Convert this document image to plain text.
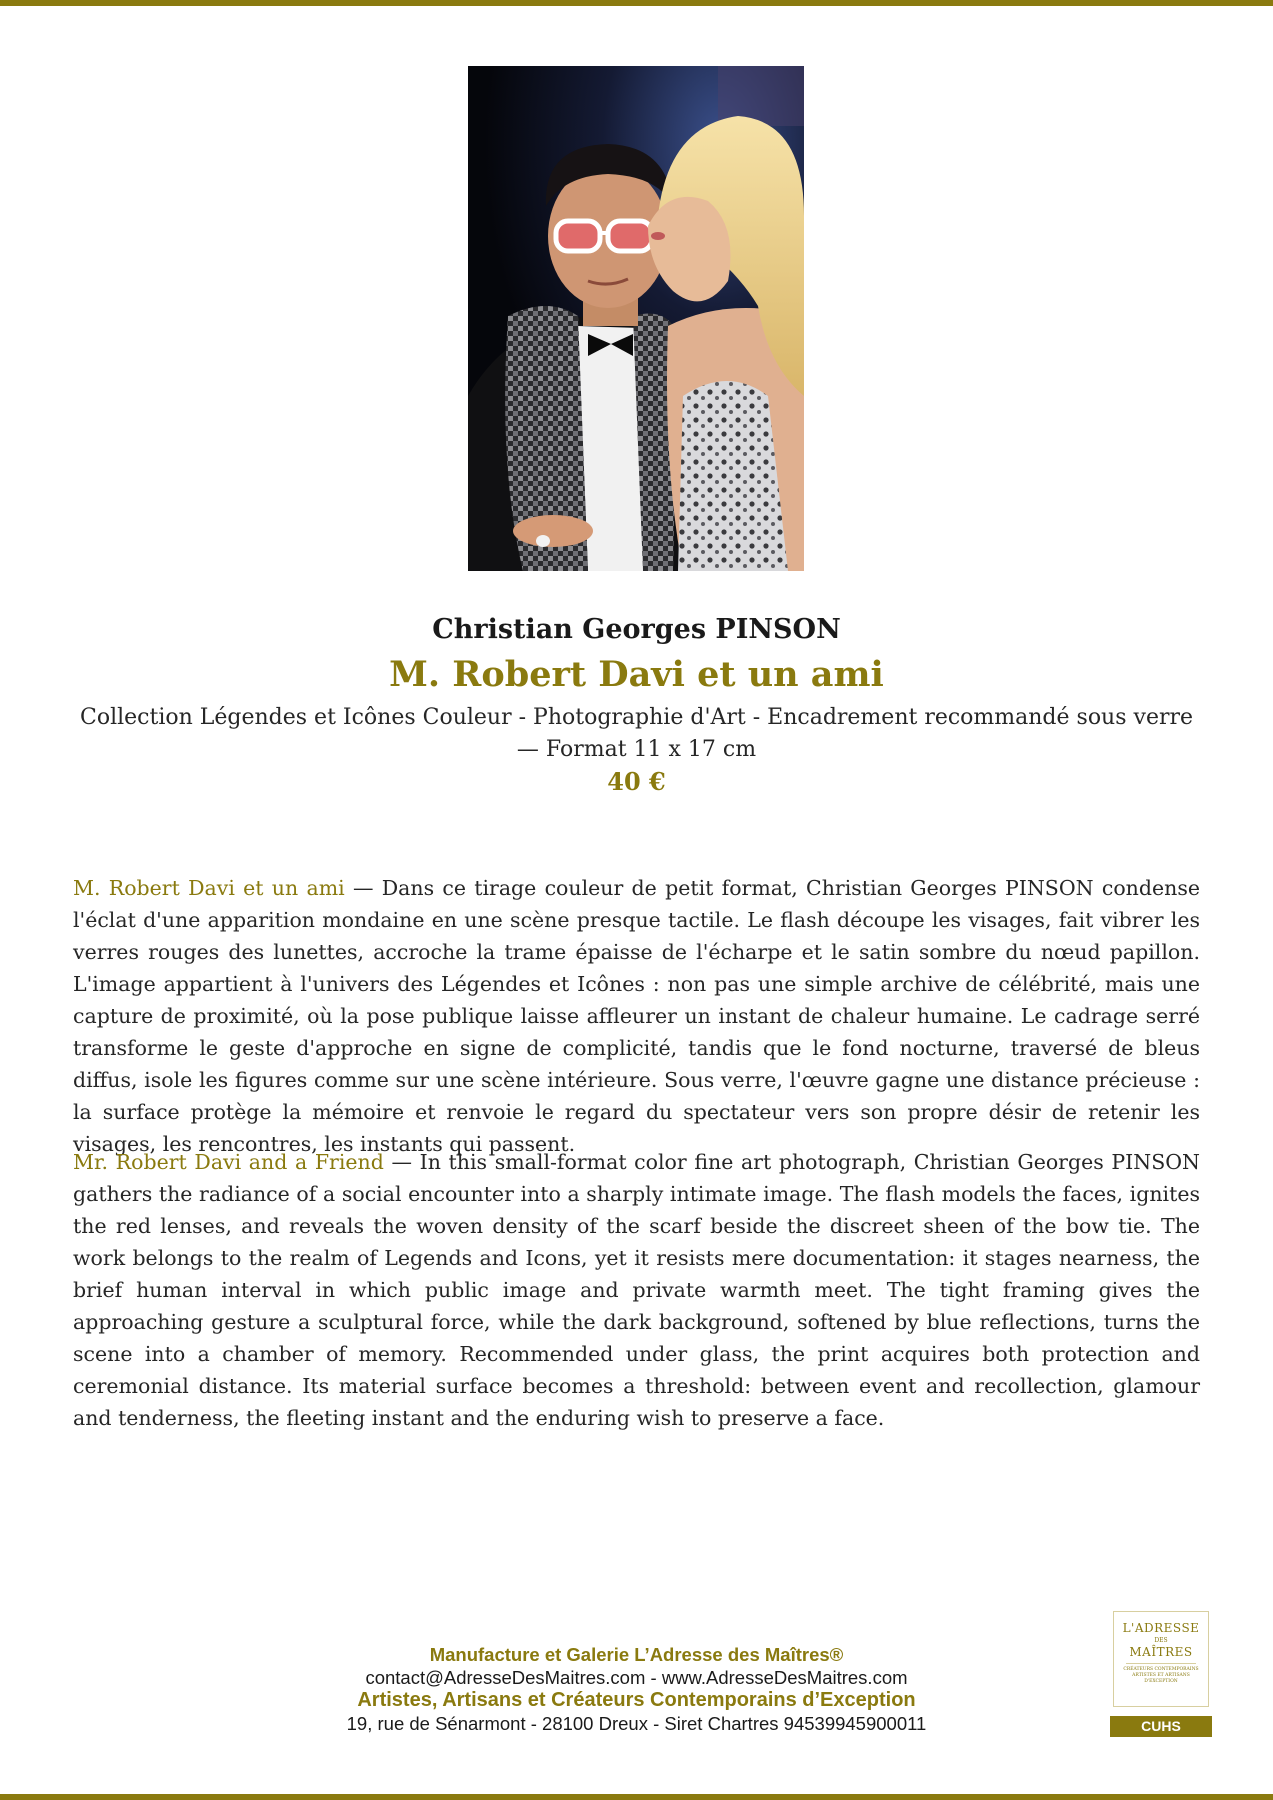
Christian Georges PINSON
M. Robert Davi et un ami
Collection Légendes et Icônes Couleur - Photographie d'Art - Encadrement recommandé sous verre — Format 11 x 17 cm
40 €
M. Robert Davi et un ami — Dans ce tirage couleur de petit format, Christian Georges PINSON condense l'éclat d'une apparition mondaine en une scène presque tactile. Le flash découpe les visages, fait vibrer les verres rouges des lunettes, accroche la trame épaisse de l'écharpe et le satin sombre du nœud papillon. L'image appartient à l'univers des Légendes et Icônes : non pas une simple archive de célébrité, mais une capture de proximité, où la pose publique laisse affleurer un instant de chaleur humaine. Le cadrage serré transforme le geste d'approche en signe de complicité, tandis que le fond nocturne, traversé de bleus diffus, isole les figures comme sur une scène intérieure. Sous verre, l'œuvre gagne une distance précieuse : la surface protège la mémoire et renvoie le regard du spectateur vers son propre désir de retenir les visages, les rencontres, les instants qui passent.
Mr. Robert Davi and a Friend — In this small-format color fine art photograph, Christian Georges PINSON gathers the radiance of a social encounter into a sharply intimate image. The flash models the faces, ignites the red lenses, and reveals the woven density of the scarf beside the discreet sheen of the bow tie. The work belongs to the realm of Legends and Icons, yet it resists mere documentation: it stages nearness, the brief human interval in which public image and private warmth meet. The tight framing gives the approaching gesture a sculptural force, while the dark background, softened by blue reflections, turns the scene into a chamber of memory. Recommended under glass, the print acquires both protection and ceremonial distance. Its material surface becomes a threshold: between event and recollection, glamour and tenderness, the fleeting instant and the enduring wish to preserve a face.
Manufacture et Galerie L’Adresse des Maîtres®
contact@AdresseDesMaitres.com - www.AdresseDesMaitres.com
Artistes, Artisans et Créateurs Contemporains d’Exception
19, rue de Sénarmont - 28100 Dreux - Siret Chartres 94539945900011
L'ADRESSE
DES
MAÎTRES
CRÉATEURS CONTEMPORAINS ARTISTES ET ARTISANS D'EXCEPTION
CUHS
